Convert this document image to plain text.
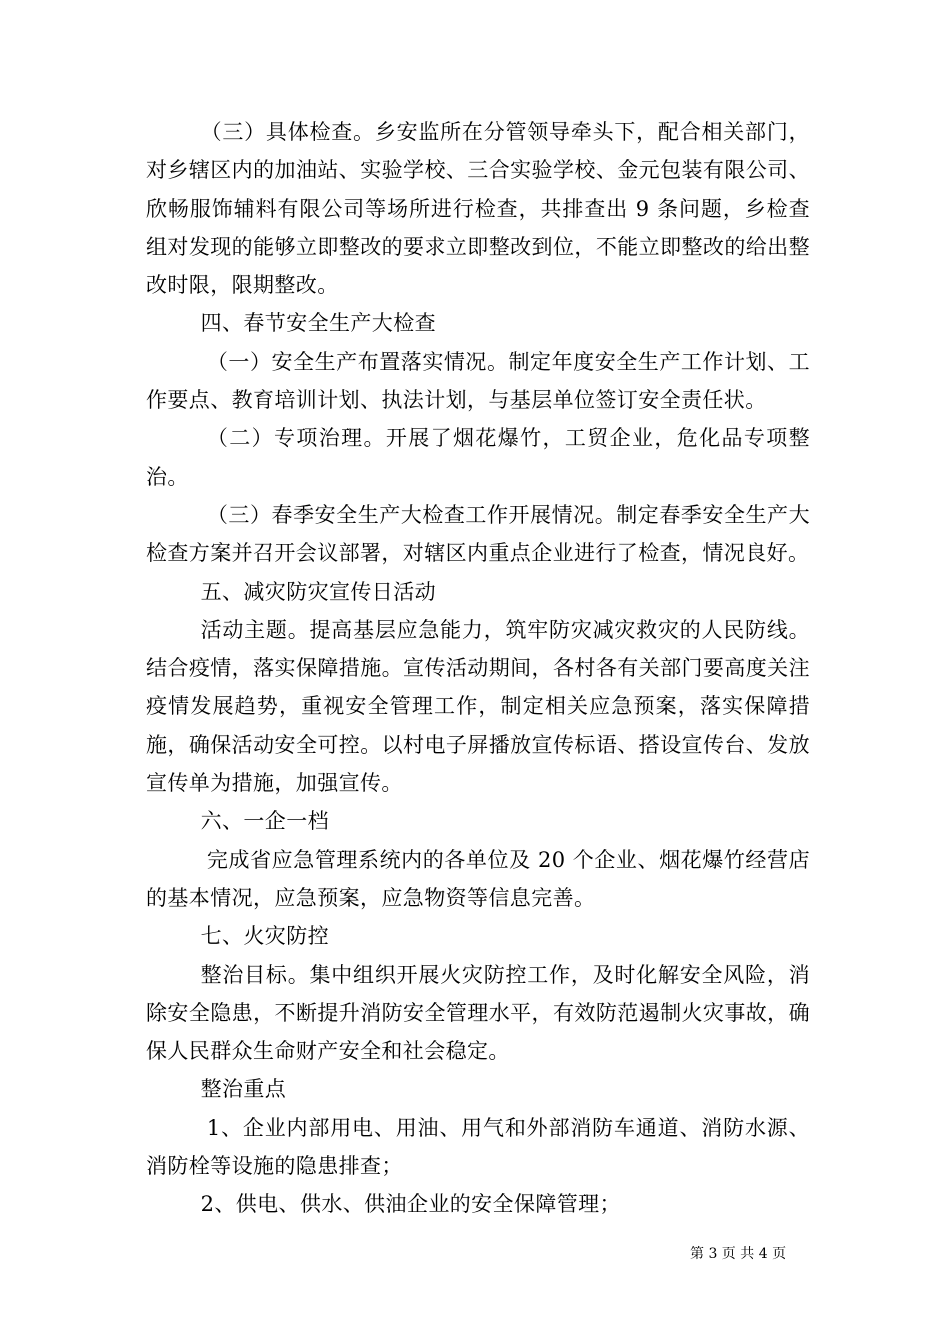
（三）具体检查。乡安监所在分管领导牵头下，配合相关部门，对乡辖区内的加油站、实验学校、三合实验学校、金元包装有限公司、欣畅服饰辅料有限公司等场所进行检查，共排查出 9 条问题，乡检查组对发现的能够立即整改的要求立即整改到位，不能立即整改的给出整改时限，限期整改。

四、春节安全生产大检查

（一）安全生产布置落实情况。制定年度安全生产工作计划、工作要点、教育培训计划、执法计划，与基层单位签订安全责任状。

（二）专项治理。开展了烟花爆竹，工贸企业，危化品专项整治。

（三）春季安全生产大检查工作开展情况。制定春季安全生产大检查方案并召开会议部署，对辖区内重点企业进行了检查，情况良好。

五、减灾防灾宣传日活动

活动主题。提高基层应急能力，筑牢防灾减灾救灾的人民防线。结合疫情，落实保障措施。宣传活动期间，各村各有关部门要高度关注疫情发展趋势，重视安全管理工作，制定相关应急预案，落实保障措施，确保活动安全可控。以村电子屏播放宣传标语、搭设宣传台、发放宣传单为措施，加强宣传。

六、一企一档

完成省应急管理系统内的各单位及 20 个企业、烟花爆竹经营店的基本情况，应急预案，应急物资等信息完善。

七、火灾防控

整治目标。集中组织开展火灾防控工作，及时化解安全风险，消除安全隐患，不断提升消防安全管理水平，有效防范遏制火灾事故，确保人民群众生命财产安全和社会稳定。

整治重点

1、企业内部用电、用油、用气和外部消防车通道、消防水源、消防栓等设施的隐患排查；

2、供电、供水、供油企业的安全保障管理；

第 3 页 共 4 页
